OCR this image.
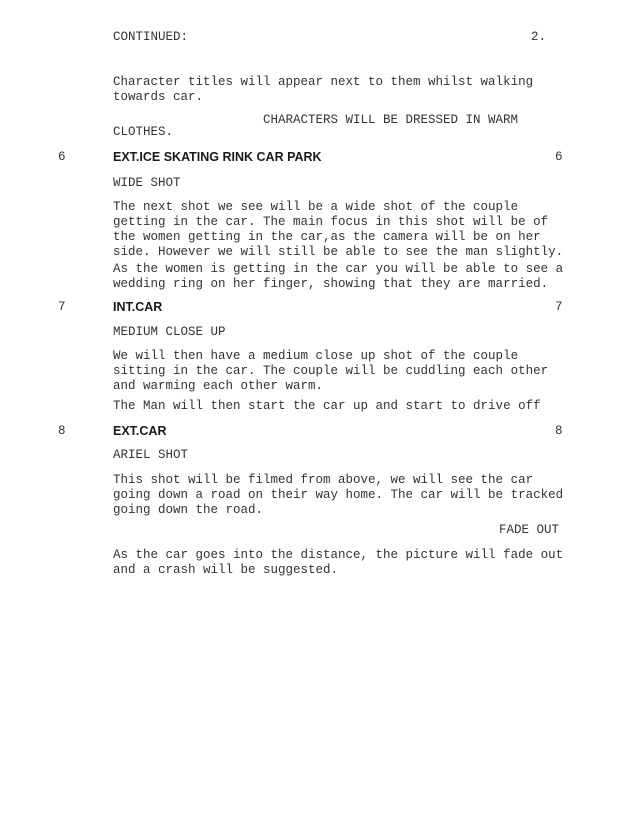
CONTINUED:	2.
Character titles will appear next to them whilst walking
towards car.
CHARACTERS WILL BE DRESSED IN WARM
CLOTHES.
6	EXT.ICE SKATING RINK CAR PARK	6
WIDE SHOT
The next shot we see will be a wide shot of the couple
getting in the car. The main focus in this shot will be of
the women getting in the car,as the camera will be on her
side. However we will still be able to see the man slightly.
As the women is getting in the car you will be able to see a
wedding ring on her finger, showing that they are married.
7	INT.CAR	7
MEDIUM CLOSE UP
We will then have a medium close up shot of the couple
sitting in the car. The couple will be cuddling each other
and warming each other warm.
The Man will then start the car up and start to drive off
8	EXT.CAR	8
ARIEL SHOT
This shot will be filmed from above, we will see the car
going down a road on their way home. The car will be tracked
going down the road.
FADE OUT
As the car goes into the distance, the picture will fade out
and a crash will be suggested.
